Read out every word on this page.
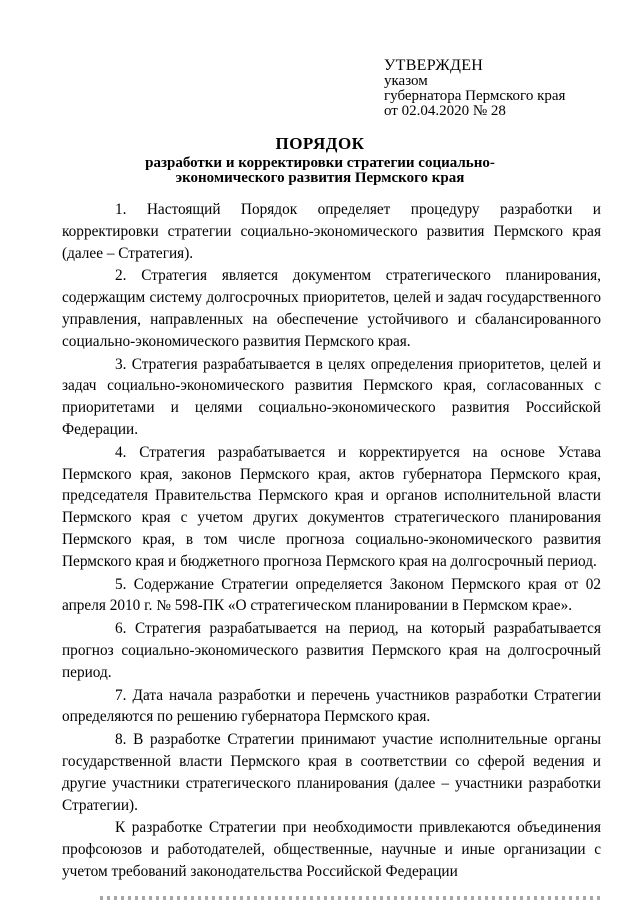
УТВЕРЖДЕН
указом
губернатора Пермского края
от 02.04.2020 № 28
ПОРЯДОК
разработки и корректировки стратегии социально-
экономического развития Пермского края

1. Настоящий Порядок определяет процедуру разработки и корректировки стратегии социально-экономического развития Пермского края (далее – Стратегия).

2. Стратегия является документом стратегического планирования, содержащим систему долгосрочных приоритетов, целей и задач государственного управления, направленных на обеспечение устойчивого и сбалансированного социально-экономического развития Пермского края.

3. Стратегия разрабатывается в целях определения приоритетов, целей и задач социально-экономического развития Пермского края, согласованных с приоритетами и целями социально-экономического развития Российской Федерации.

4. Стратегия разрабатывается и корректируется на основе Устава Пермского края, законов Пермского края, актов губернатора Пермского края, председателя Правительства Пермского края и органов исполнительной власти Пермского края с учетом других документов стратегического планирования Пермского края, в том числе прогноза социально-экономического развития Пермского края и бюджетного прогноза Пермского края на долгосрочный период.

5. Содержание Стратегии определяется Законом Пермского края от 02 апреля 2010 г. № 598-ПК «О стратегическом планировании в Пермском крае».

6. Стратегия разрабатывается на период, на который разрабатывается прогноз социально-экономического развития Пермского края на долгосрочный период.

7. Дата начала разработки и перечень участников разработки Стратегии определяются по решению губернатора Пермского края.

8. В разработке Стратегии принимают участие исполнительные органы государственной власти Пермского края в соответствии со сферой ведения и другие участники стратегического планирования (далее – участники разработки Стратегии).

К разработке Стратегии при необходимости привлекаются объединения профсоюзов и работодателей, общественные, научные и иные организации с учетом требований законодательства Российской Федерации
